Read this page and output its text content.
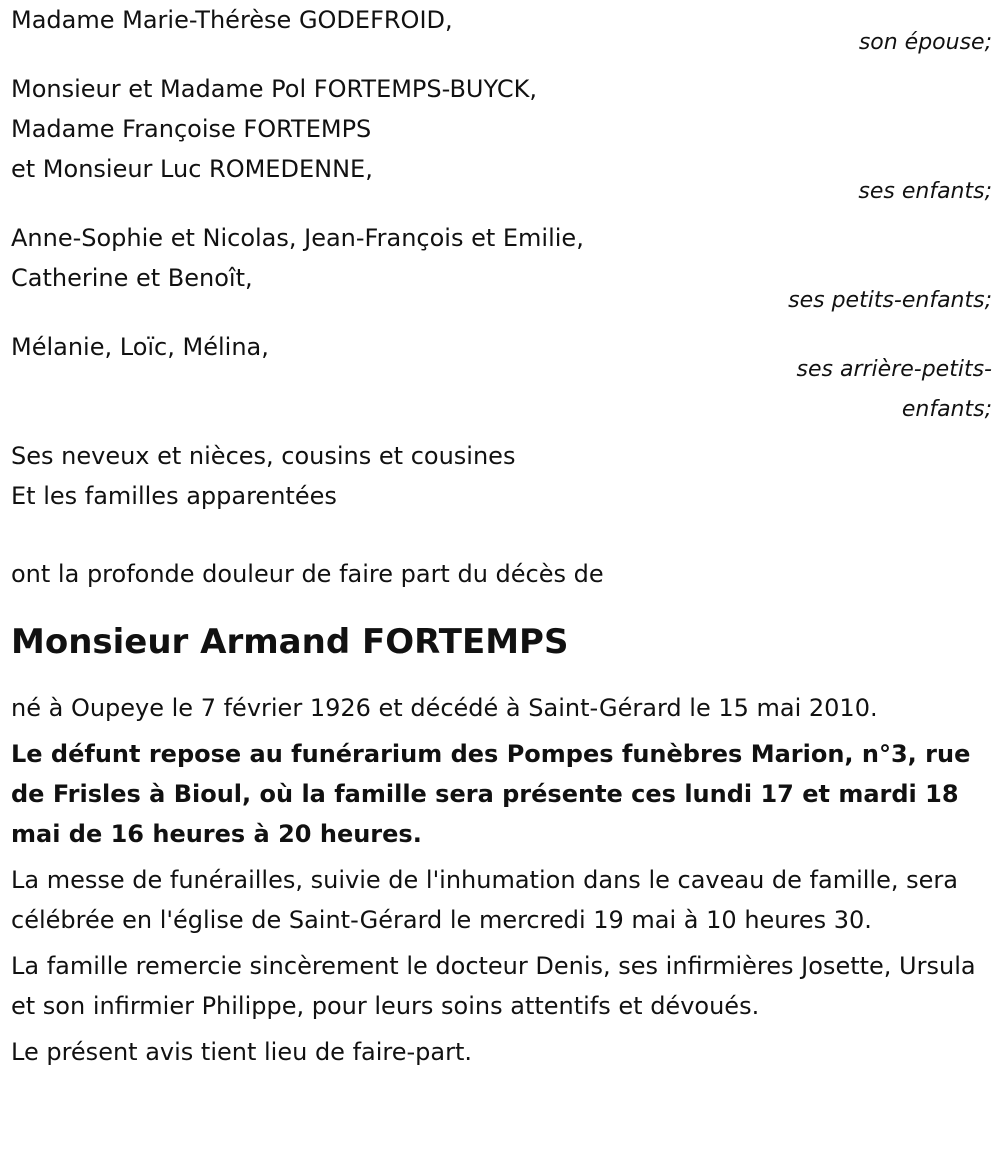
Madame Marie-Thérèse GODEFROID,
son épouse;
Monsieur et Madame Pol FORTEMPS-BUYCK,
Madame Françoise FORTEMPS
et Monsieur Luc ROMEDENNE,
ses enfants;
Anne-Sophie et Nicolas, Jean-François et Emilie,
Catherine et Benoît,
ses petits-enfants;
Mélanie, Loïc, Mélina,
ses arrière-petits-
enfants;
Ses neveux et nièces, cousins et cousines
Et les familles apparentées
ont la profonde douleur de faire part du décès de
Monsieur Armand FORTEMPS
né à Oupeye le 7 février 1926 et décédé à Saint-Gérard le 15 mai 2010.
Le défunt repose au funérarium des Pompes funèbres Marion, n°3, rue de Frisles à Bioul, où la famille sera présente ces lundi 17 et mardi 18 mai de 16 heures à 20 heures.
La messe de funérailles, suivie de l'inhumation dans le caveau de famille, sera célébrée en l'église de Saint-Gérard le mercredi 19 mai à 10 heures 30.
La famille remercie sincèrement le docteur Denis, ses infirmières Josette, Ursula et son infirmier Philippe, pour leurs soins attentifs et dévoués.
Le présent avis tient lieu de faire-part.
